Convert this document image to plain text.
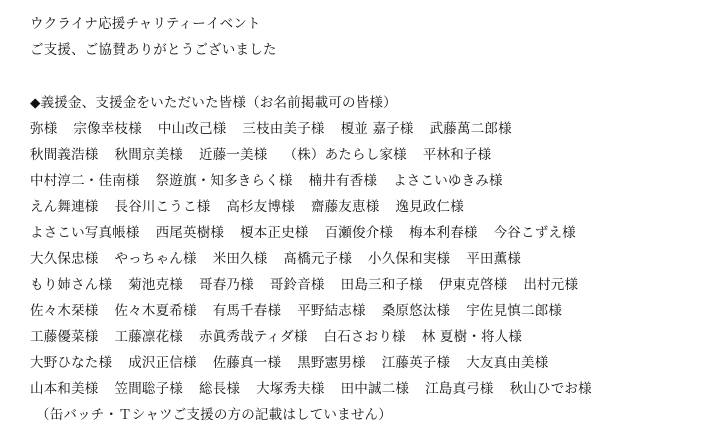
ウクライナ応援チャリティーイベント
ご支援、ご協賛ありがとうございました
◆義援金、支援金をいただいた皆様（お名前掲載可の皆様）
弥様 宗像幸枝様 中山改己様 三枝由美子様 榎並 嘉子様 武藤萬二郎様
秋間義浩様 秋間京美様 近藤一美様 （株）あたらし家様 平林和子様
中村淳二・佳南様 祭遊旗・知多きらく様 楠井有香様 よさこいゆきみ様
えん舞連様 長谷川こうこ様 高杉友博様 齋藤友恵様 逸見政仁様
よさこい写真帳様 西尾英樹様 榎本正史様 百瀬俊介様 梅本利春様 今谷こずえ様
大久保忠様 やっちゃん様 米田久様 髙橋元子様 小久保和実様 平田薫様
もり姉さん様 菊池克様 哥春乃様 哥鈴音様 田島三和子様 伊東克啓様 出村元様
佐々木栞様 佐々木夏希様 有馬千春様 平野結志様 桑原悠汰様 宇佐見慎二郎様
工藤優菜様 工藤凛花様 赤眞秀哉ティダ様 白石さおり様 林 夏樹・将人様
大野ひなた様 成沢正信様 佐藤真一様 黒野憲男様 江藤英子様 大友真由美様
山本和美様 笠間聡子様 総長様 大塚秀夫様 田中誠二様 江島真弓様 秋山ひでお様
（缶バッチ・Ｔシャツご支援の方の記載はしていません）
